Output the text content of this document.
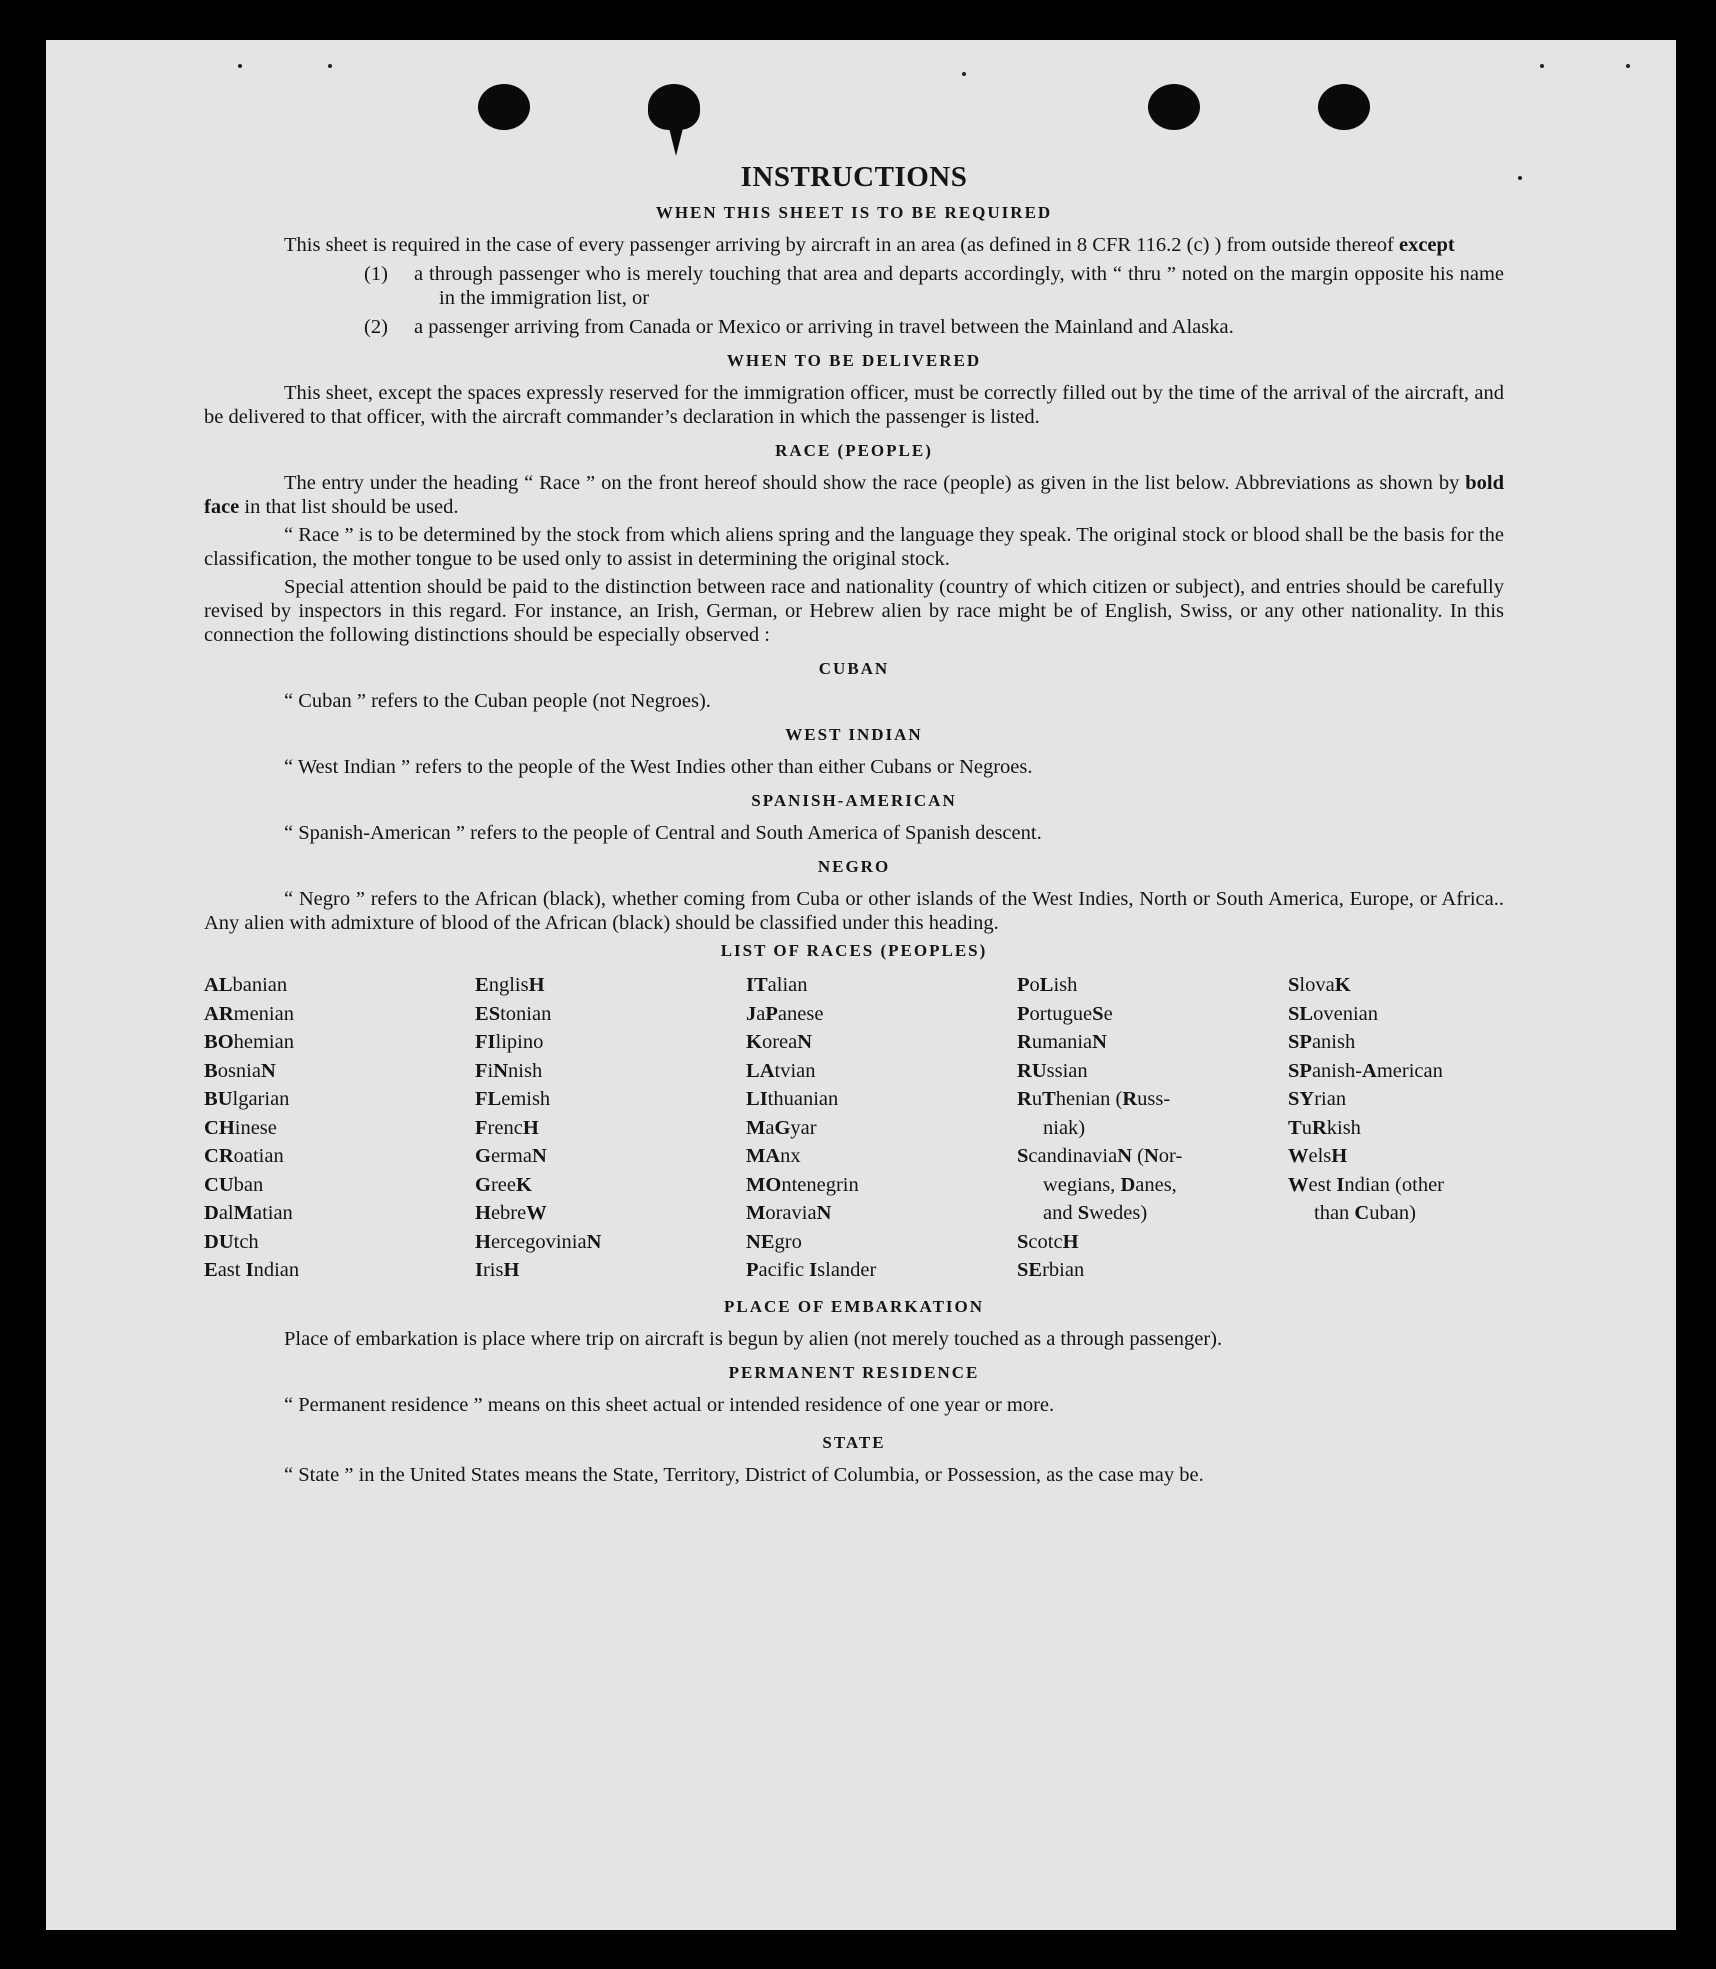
INSTRUCTIONS
WHEN THIS SHEET IS TO BE REQUIRED

This sheet is required in the case of every passenger arriving by aircraft in an area (as defined in 8 CFR 116.2 (c) ) from outside thereof except

(1) a through passenger who is merely touching that area and departs accordingly, with “ thru ” noted on the margin opposite his name in the immigration list, or
(2) a passenger arriving from Canada or Mexico or arriving in travel between the Mainland and Alaska.
WHEN TO BE DELIVERED

This sheet, except the spaces expressly reserved for the immigration officer, must be correctly filled out by the time of the arrival of the aircraft, and be delivered to that officer, with the aircraft commander’s declaration in which the passenger is listed.

RACE (PEOPLE)

The entry under the heading “ Race ” on the front hereof should show the race (people) as given in the list below. Abbreviations as shown by bold face in that list should be used.

“ Race ” is to be determined by the stock from which aliens spring and the language they speak. The original stock or blood shall be the basis for the classification, the mother tongue to be used only to assist in determining the original stock.

Special attention should be paid to the distinction between race and nationality (country of which citizen or subject), and entries should be carefully revised by inspectors in this regard. For instance, an Irish, German, or Hebrew alien by race might be of English, Swiss, or any other nationality. In this connection the following distinctions should be especially observed :

CUBAN

“ Cuban ” refers to the Cuban people (not Negroes).

WEST INDIAN

“ West Indian ” refers to the people of the West Indies other than either Cubans or Negroes.

SPANISH-AMERICAN

“ Spanish-American ” refers to the people of Central and South America of Spanish descent.

NEGRO

“ Negro ” refers to the African (black), whether coming from Cuba or other islands of the West Indies, North or South America, Europe, or Africa.. Any alien with admixture of blood of the African (black) should be classified under this heading.

LIST OF RACES (PEOPLES)
ALbanian
ARmenian
BOhemian
BosniaN
BUlgarian
CHinese
CRoatian
CUban
DalMatian
DUtch
East Indian
EnglisH
EStonian
FIlipino
FiNnish
FLemish
FrencH
GermaN
GreeK
HebreW
HercegoviniaN
IrisH
ITalian
JaPanese
KoreaN
LAtvian
LIthuanian
MaGyar
MAnx
MOntenegrin
MoraviaN
NEgro
Pacific Islander
PoLish
PortugueSe
RumaniaN
RUssian
RuThenian (Russ-
niak)
ScandinaviaN (Nor-
wegians, Danes,
and Swedes)
ScotcH
SErbian
SlovaK
SLovenian
SPanish
SPanish-American
SYrian
TuRkish
WelsH
West Indian (other
than Cuban)
PLACE OF EMBARKATION

Place of embarkation is place where trip on aircraft is begun by alien (not merely touched as a through passenger).

PERMANENT RESIDENCE

“ Permanent residence ” means on this sheet actual or intended residence of one year or more.

STATE

“ State ” in the United States means the State, Territory, District of Columbia, or Possession, as the case may be.
